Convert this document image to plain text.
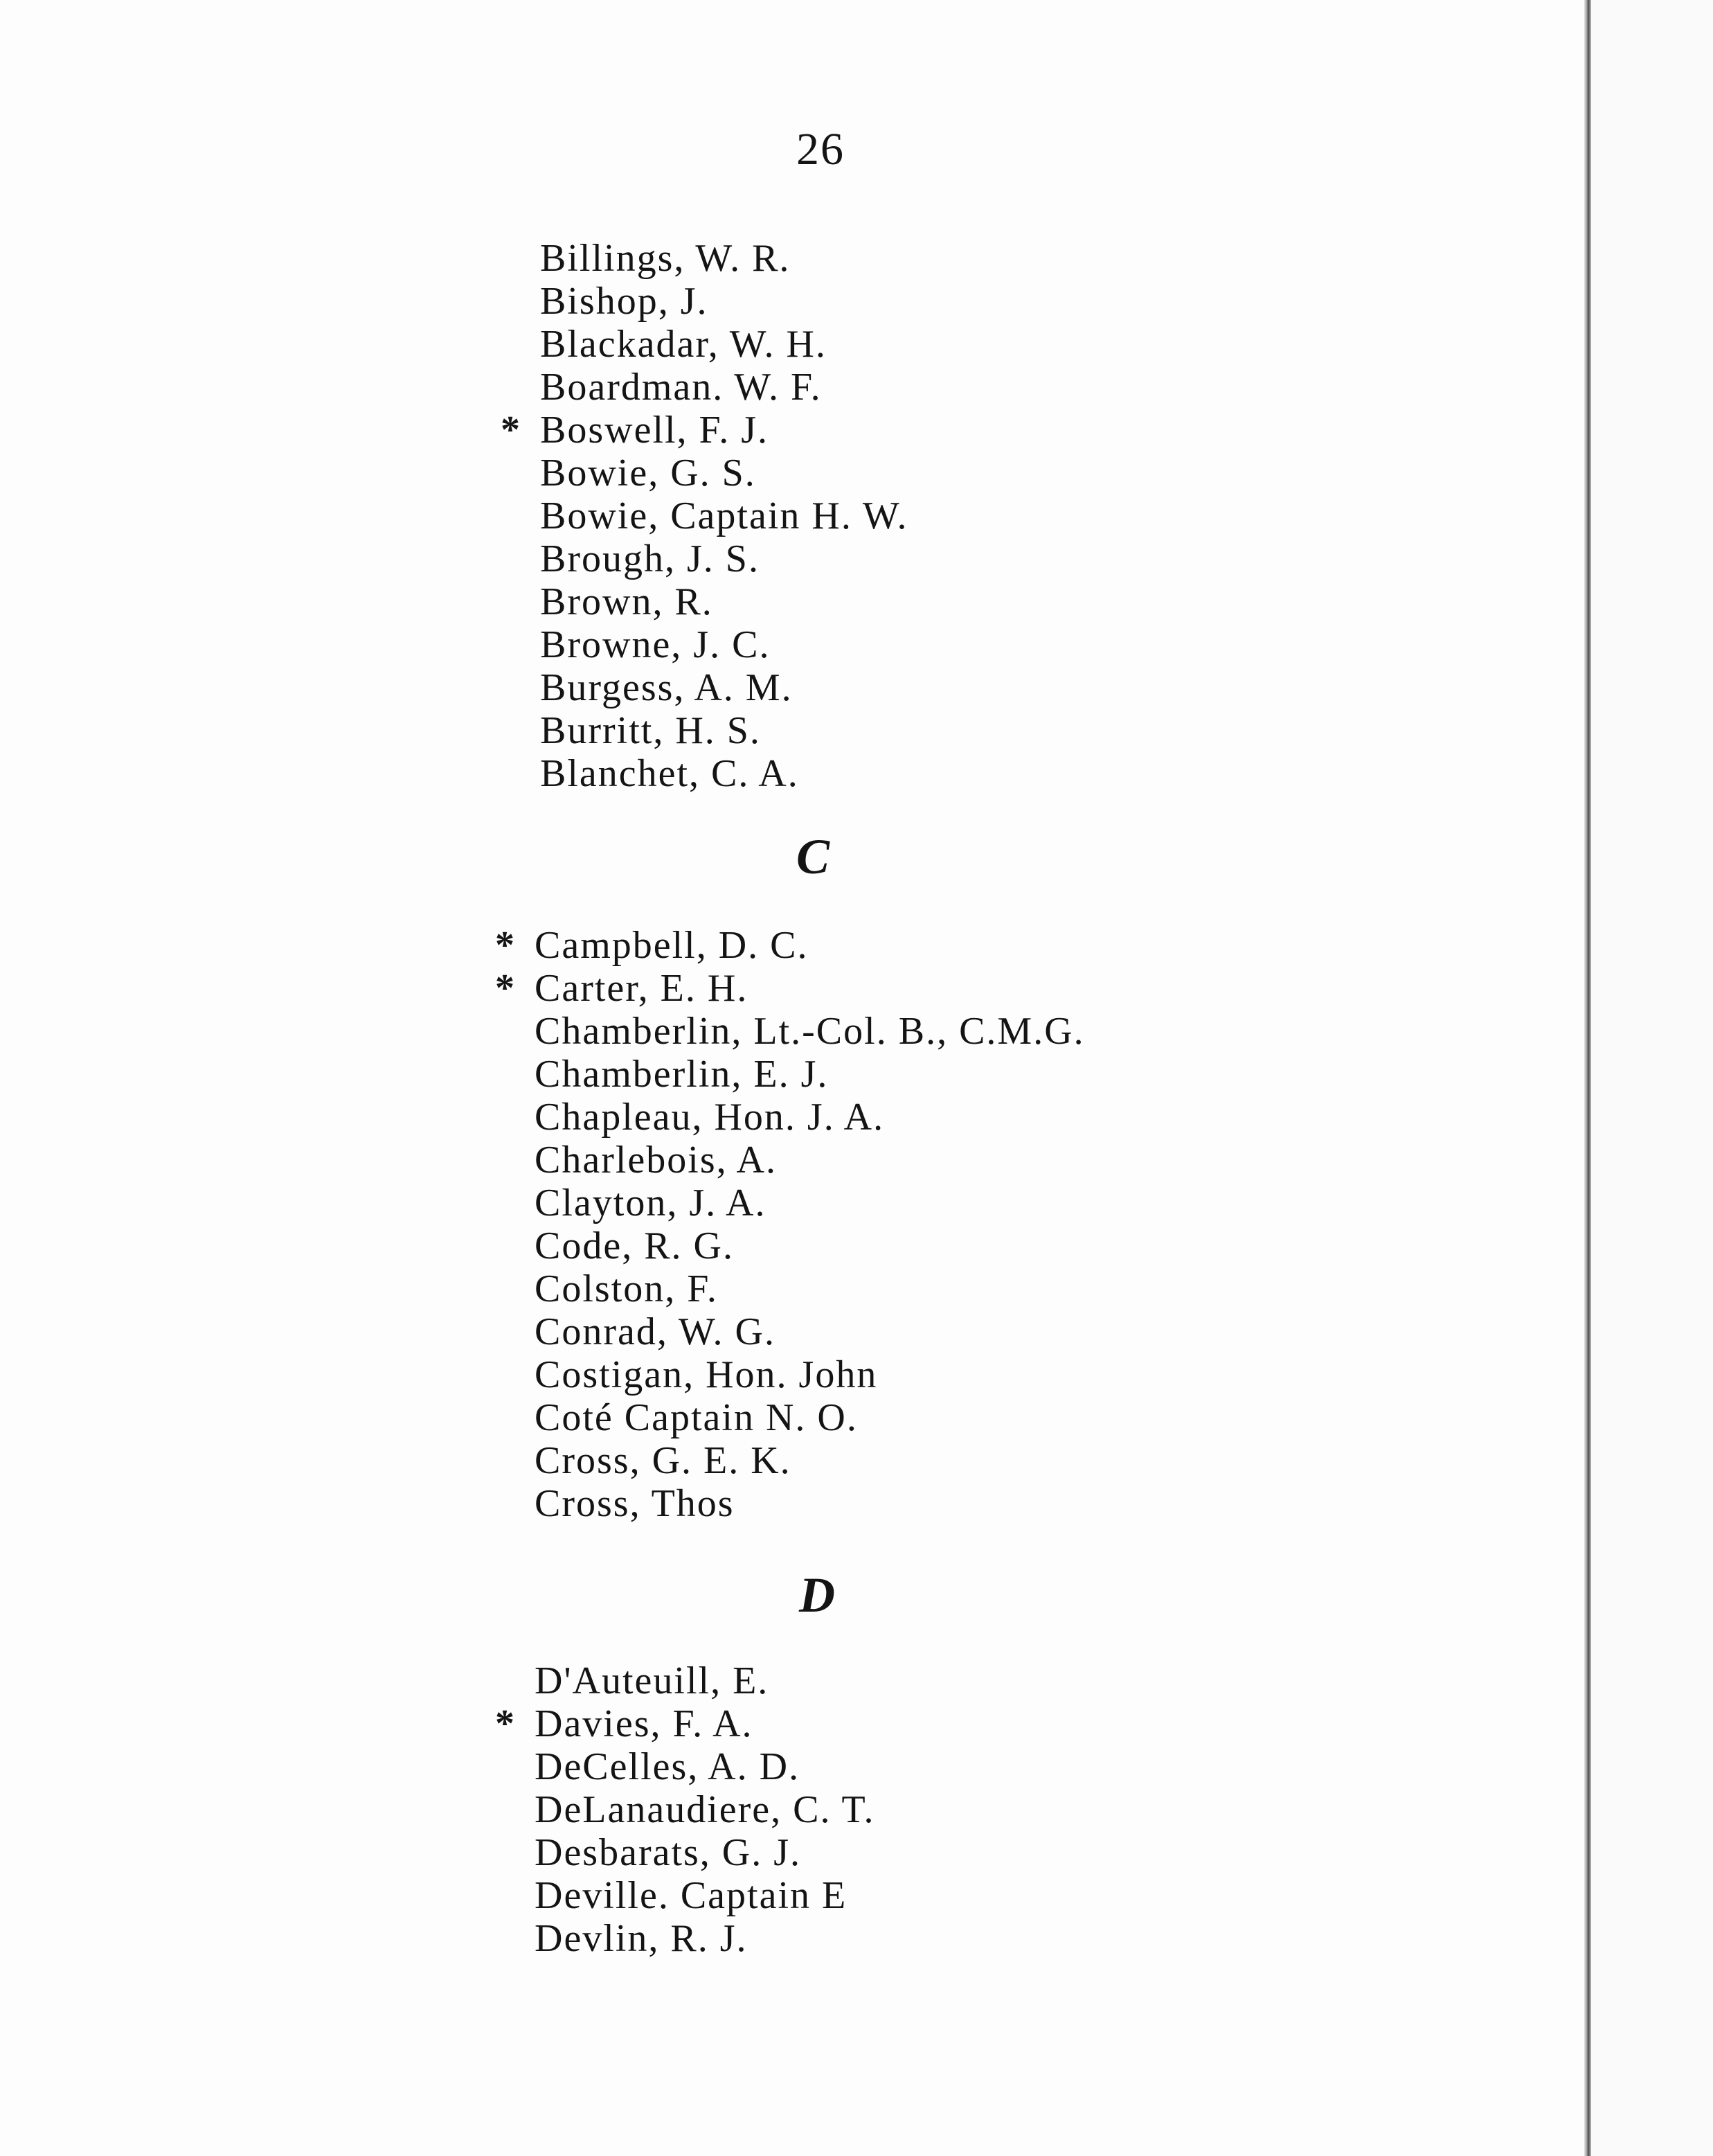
26
Billings, W. R.
Bishop, J.
Blackadar, W. H.
Boardman. W. F.
* Boswell, F. J.
Bowie, G. S.
Bowie, Captain H. W.
Brough, J. S.
Brown, R.
Browne, J. C.
Burgess, A. M.
Burritt, H. S.
Blanchet, C. A.
C
* Campbell, D. C.
* Carter, E. H.
Chamberlin, Lt.-Col. B., C.M.G.
Chamberlin, E. J.
Chapleau, Hon. J. A.
Charlebois, A.
Clayton, J. A.
Code, R. G.
Colston, F.
Conrad, W. G.
Costigan, Hon. John
Coté Captain N. O.
Cross, G. E. K.
Cross, Thos
D
D'Auteuill, E.
* Davies, F. A.
DeCelles, A. D.
DeLanaudiere, C. T.
Desbarats, G. J.
Deville. Captain E
Devlin, R. J.
